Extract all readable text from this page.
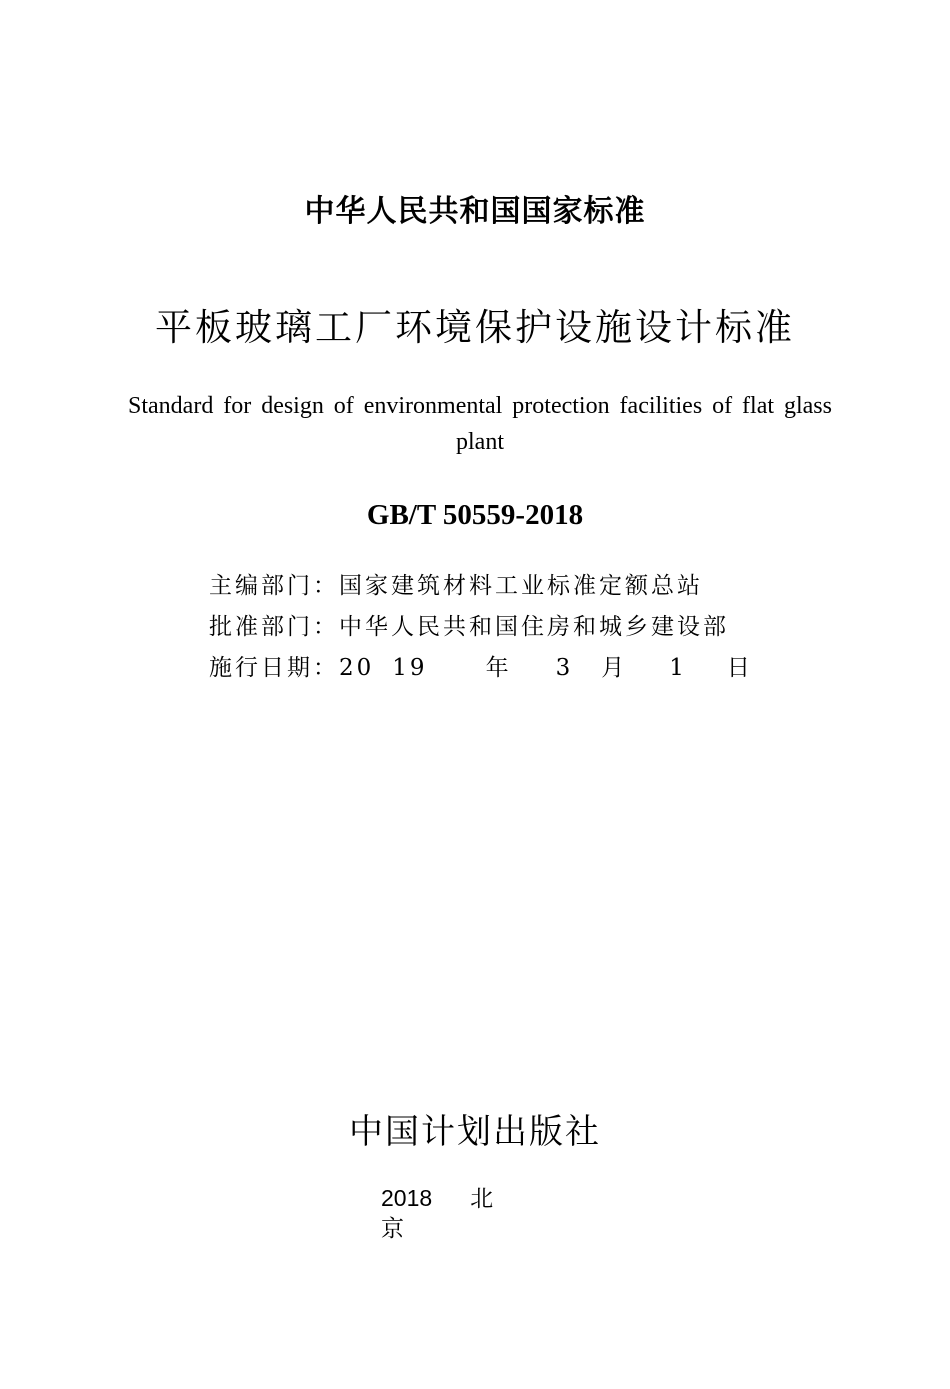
中华人民共和国国家标准
平板玻璃工厂环境保护设施设计标准
Standard for design of environmental protection facilities of flat glass plant
GB/T 50559-2018
主编部门：国家建筑材料工业标准定额总站
批准部门：中华人民共和国住房和城乡建设部
施行日期：20 19	年 3 月 1 日
中国计划出版社
2018 北
京
